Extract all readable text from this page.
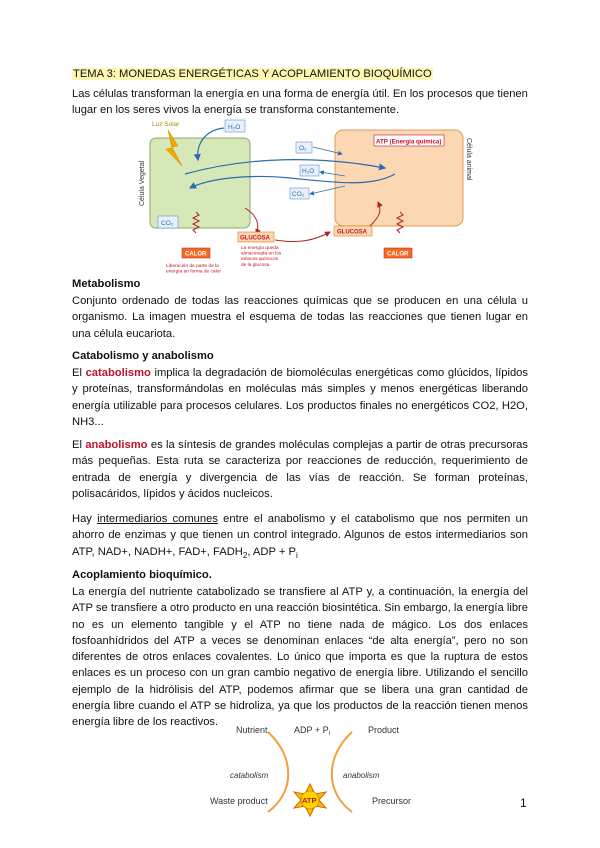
TEMA 3: MONEDAS ENERGÉTICAS Y ACOPLAMIENTO BIOQUÍMICO
Las células transforman la energía en una forma de energía útil. En los procesos que tienen lugar en los seres vivos la energía se transforma constantemente.
Célula Vegetal
Célula animal
Luz Solar	H₂O
CO₂
O₂
H₂O
CO₂
ATP (Energía química)
GLUCOSA
La energía queda almacenada en los enlaces químicos de la glucosa.
GLUCOSA
CALOR
Liberación de parte de la energía en forma de calor
CALOR
Metabolismo
Conjunto ordenado de todas las reacciones químicas que se producen en una célula u organismo. La imagen muestra el esquema de todas las reacciones que tienen lugar en una célula eucariota.
Catabolismo y anabolismo
El catabolismo implica la degradación de biomoléculas energéticas como glúcidos, lípidos y proteínas, transformándolas en moléculas más simples y menos energéticas liberando energía utilizable para procesos celulares. Los productos finales no energéticos CO2, H2O, NH3...
El anabolismo es la síntesis de grandes moléculas complejas a partir de otras precursoras más pequeñas. Esta ruta se caracteriza por reacciones de reducción, requerimiento de entrada de energía y divergencia de las vías de reacción. Se forman proteínas, polisacáridos, lípidos y ácidos nucleicos.
Hay intermediarios comunes entre el anabolismo y el catabolismo que nos permiten un ahorro de enzimas y que tienen un control integrado. Algunos de estos intermediarios son ATP, NAD+, NADH+, FAD+, $FADH_2$, ADP + $P_i$
Acoplamiento bioquímico.
La energía del nutriente catabolizado se transfiere al ATP y, a continuación, la energía del ATP se transfiere a otro producto en una reacción biosintética. Sin embargo, la energía libre no es un elemento tangible y el ATP no tiene nada de mágico. Los dos enlaces fosfoanhídridos del ATP a veces se denominan enlaces “de alta energía”, pero no son diferentes de otros enlaces covalentes. Lo único que importa es que la ruptura de estos enlaces es un proceso con un gran cambio negativo de energía libre. Utilizando el sencillo ejemplo de la hidrólisis del ATP, podemos afirmar que se libera una gran cantidad de energía libre cuando el ATP se hidroliza, ya que los productos de la reacción tienen menos energía libre de los reactivos.
Nutrient	ADP + $P_i$	Product
catabolism	anabolism
Waste product	Precursor
ATP	1
